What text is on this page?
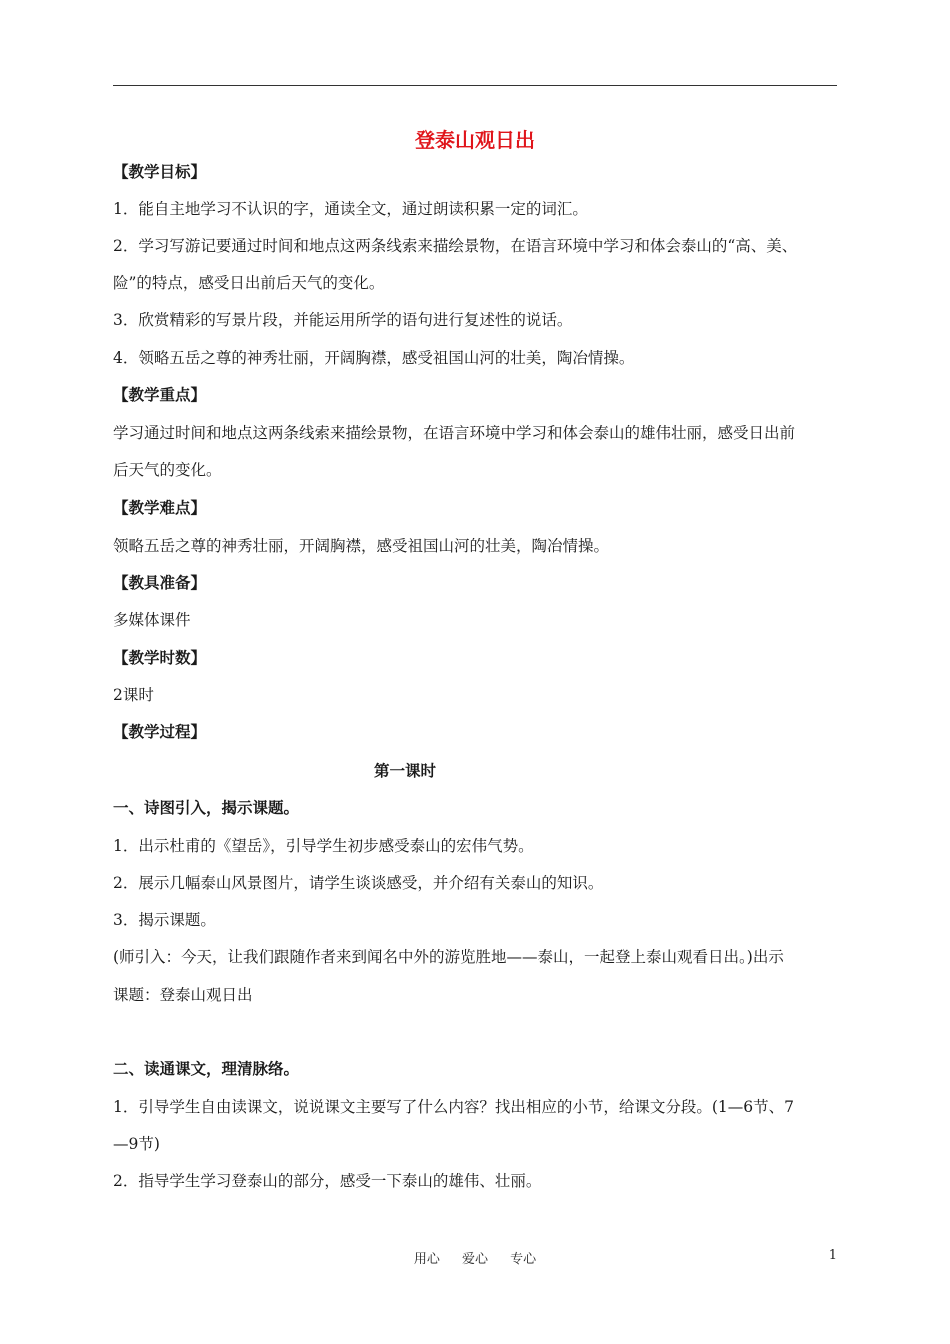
登泰山观日出
【教学目标】
1．能自主地学习不认识的字，通读全文，通过朗读积累一定的词汇。
2．学习写游记要通过时间和地点这两条线索来描绘景物，在语言环境中学习和体会泰山的“高、美、
险”的特点，感受日出前后天气的变化。
3．欣赏精彩的写景片段，并能运用所学的语句进行复述性的说话。
4．领略五岳之尊的神秀壮丽，开阔胸襟，感受祖国山河的壮美，陶冶情操。
【教学重点】
学习通过时间和地点这两条线索来描绘景物，在语言环境中学习和体会泰山的雄伟壮丽，感受日出前
后天气的变化。
【教学难点】
领略五岳之尊的神秀壮丽，开阔胸襟，感受祖国山河的壮美，陶冶情操。
【教具准备】
多媒体课件
【教学时数】
2课时
【教学过程】
第一课时
一、诗图引入，揭示课题。
1．出示杜甫的《望岳》，引导学生初步感受泰山的宏伟气势。
2．展示几幅泰山风景图片，请学生谈谈感受，并介绍有关泰山的知识。
3．揭示课题。
(师引入：今天，让我们跟随作者来到闻名中外的游览胜地——泰山，一起登上泰山观看日出。)出示
课题：登泰山观日出
二、读通课文，理清脉络。
1．引导学生自由读课文，说说课文主要写了什么内容？找出相应的小节，给课文分段。(1—6节、7
—9节)
2．指导学生学习登泰山的部分，感受一下泰山的雄伟、壮丽。
用心 爱心 专心	1
